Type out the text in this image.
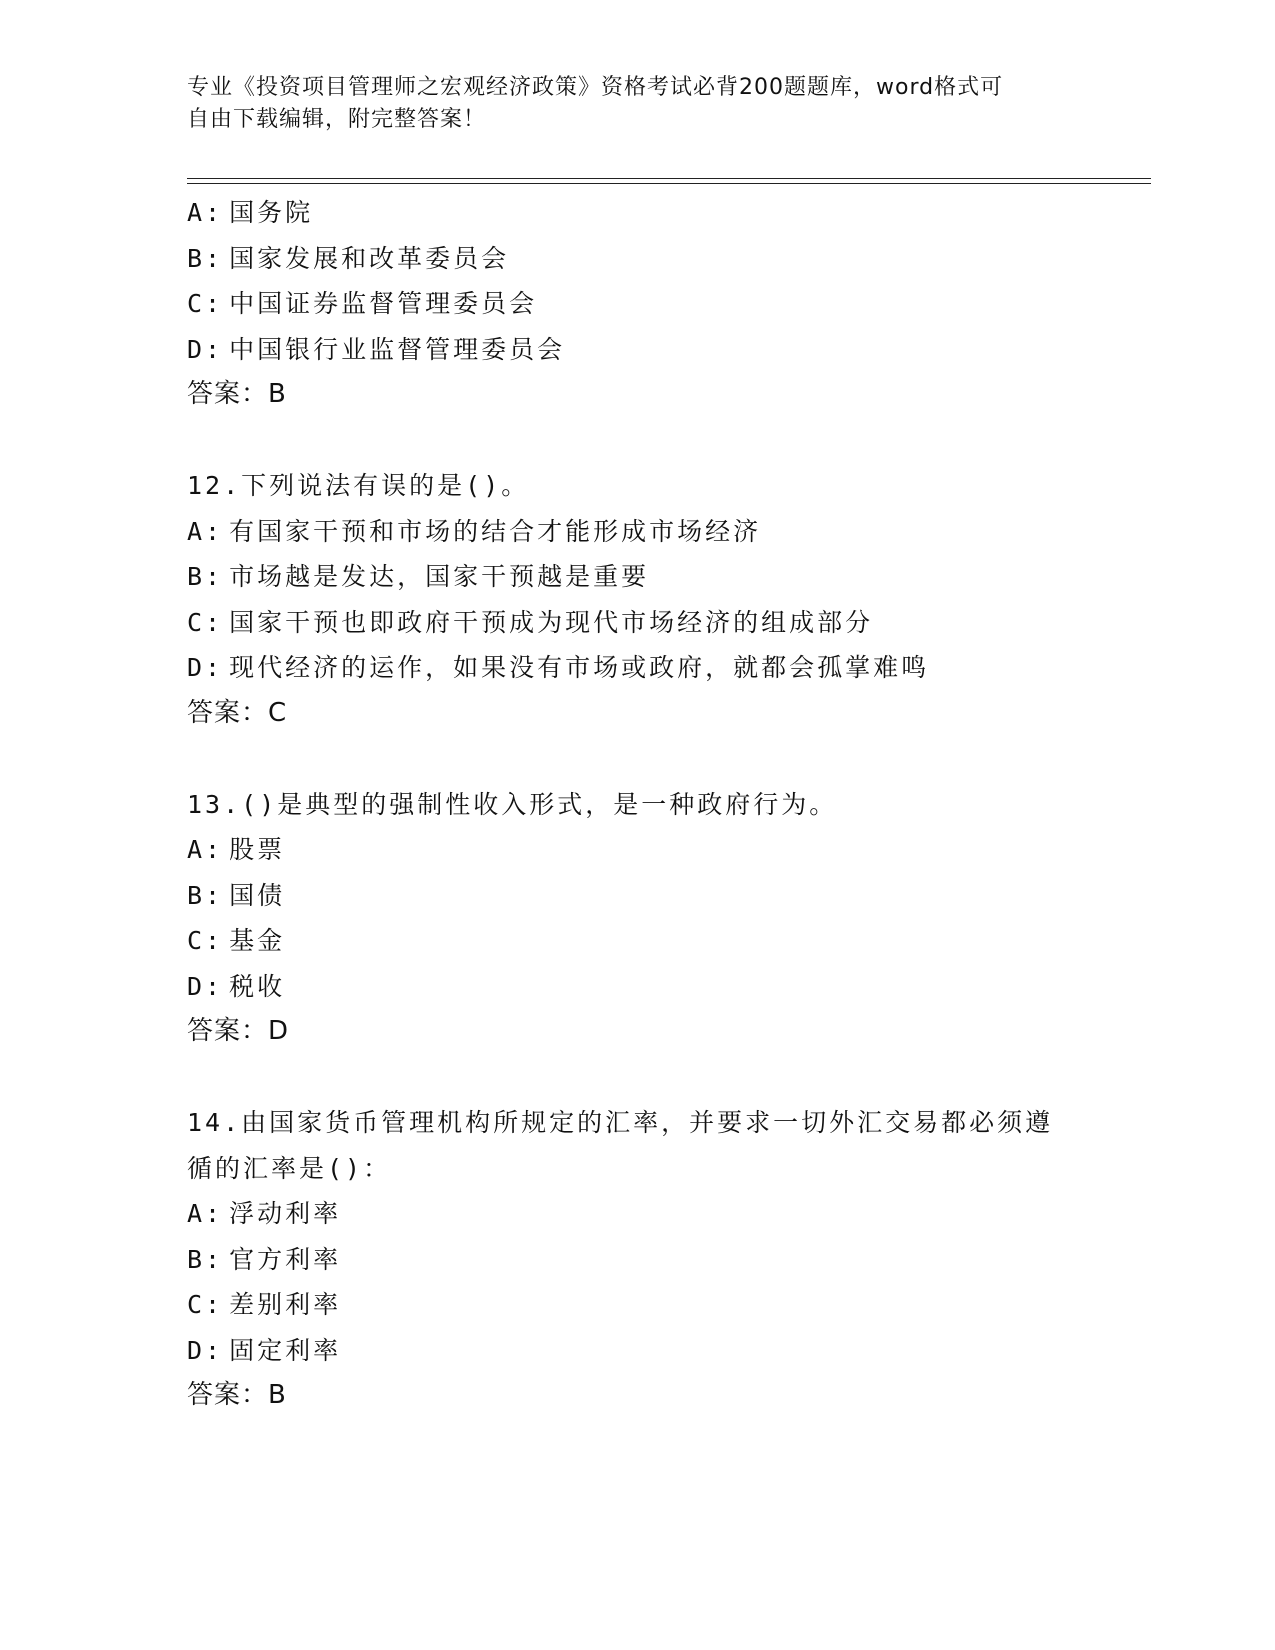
专业《投资项目管理师之宏观经济政策》资格考试必背200题题库，word格式可
自由下载编辑，附完整答案！
A: 国务院
B: 国家发展和改革委员会
C: 中国证券监督管理委员会
D: 中国银行业监督管理委员会
答案：B
12.下列说法有误的是()。
A: 有国家干预和市场的结合才能形成市场经济
B: 市场越是发达，国家干预越是重要
C: 国家干预也即政府干预成为现代市场经济的组成部分
D: 现代经济的运作，如果没有市场或政府，就都会孤掌难鸣
答案：C
13.()是典型的强制性收入形式，是一种政府行为。
A: 股票
B: 国债
C: 基金
D: 税收
答案：D
14.由国家货币管理机构所规定的汇率，并要求一切外汇交易都必须遵
循的汇率是()：
A: 浮动利率
B: 官方利率
C: 差别利率
D: 固定利率
答案：B
